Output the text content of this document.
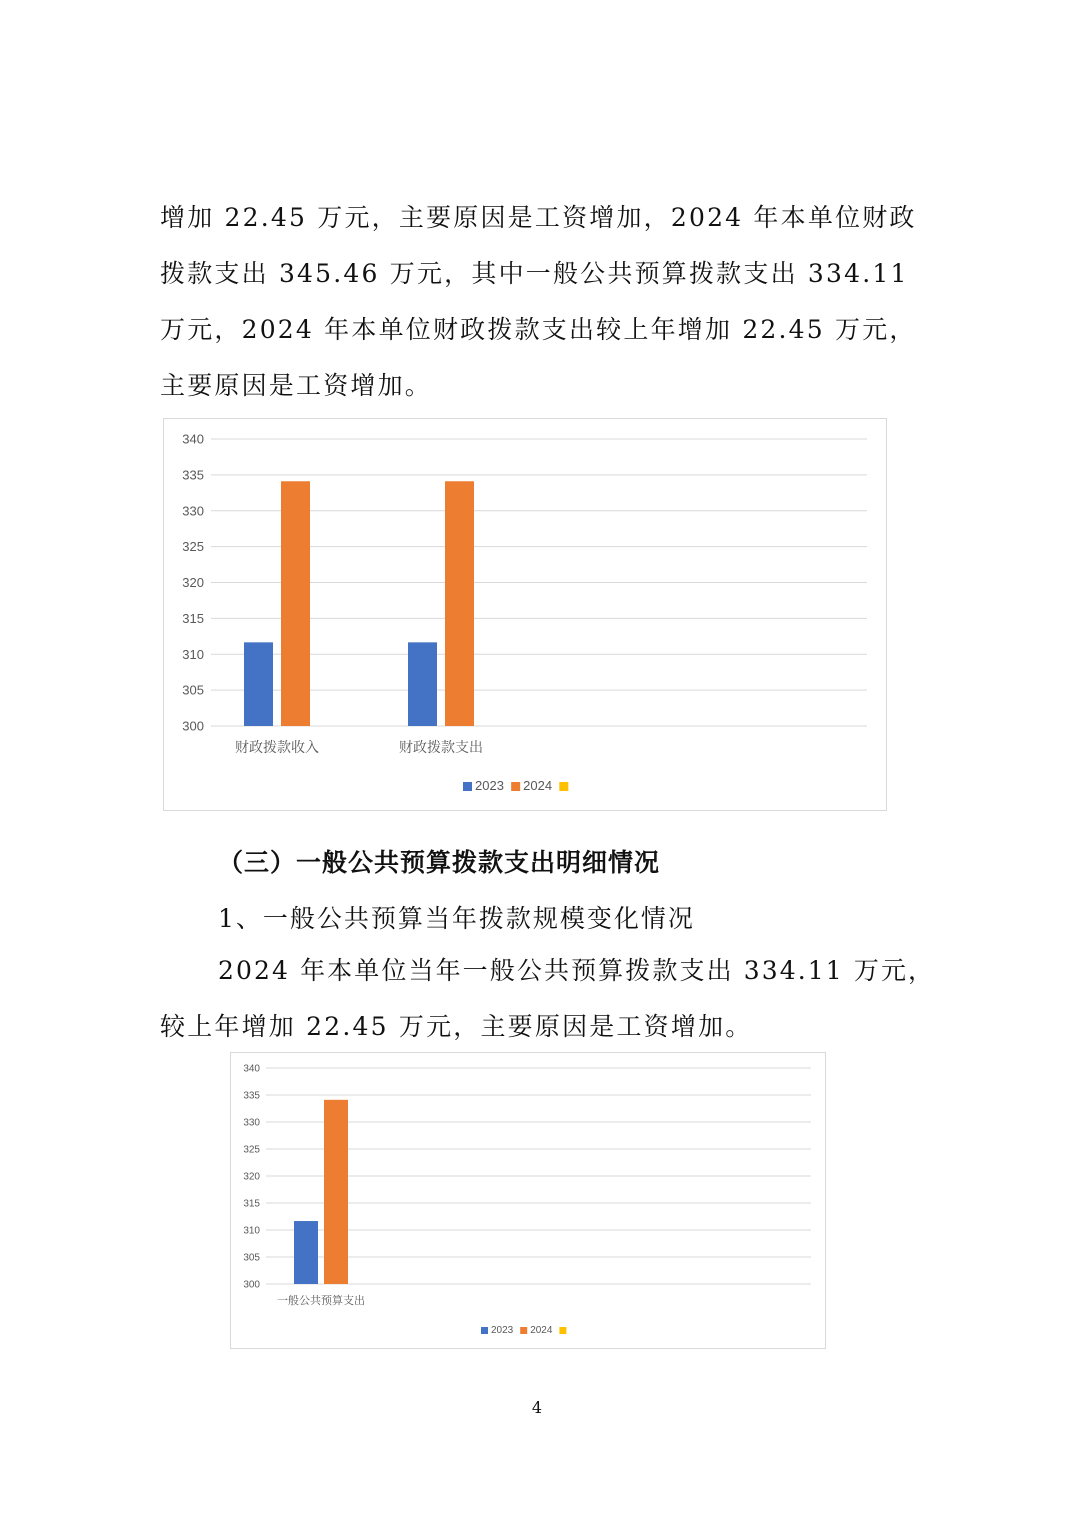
增加 22.45 万元，主要原因是工资增加，2024 年本单位财政
拨款支出 345.46 万元，其中一般公共预算拨款支出 334.11
万元，2024 年本单位财政拨款支出较上年增加 22.45 万元，
主要原因是工资增加。
300
305
310
315
320
325
330
335
340
财政拨款收入	财政拨款支出
2023 2024
（三）一般公共预算拨款支出明细情况
1、一般公共预算当年拨款规模变化情况
2024 年本单位当年一般公共预算拨款支出 334.11 万元，
较上年增加 22.45 万元，主要原因是工资增加。
300
305
310
315
320
325
330
335
340
一般公共预算支出
2023 2024
4
